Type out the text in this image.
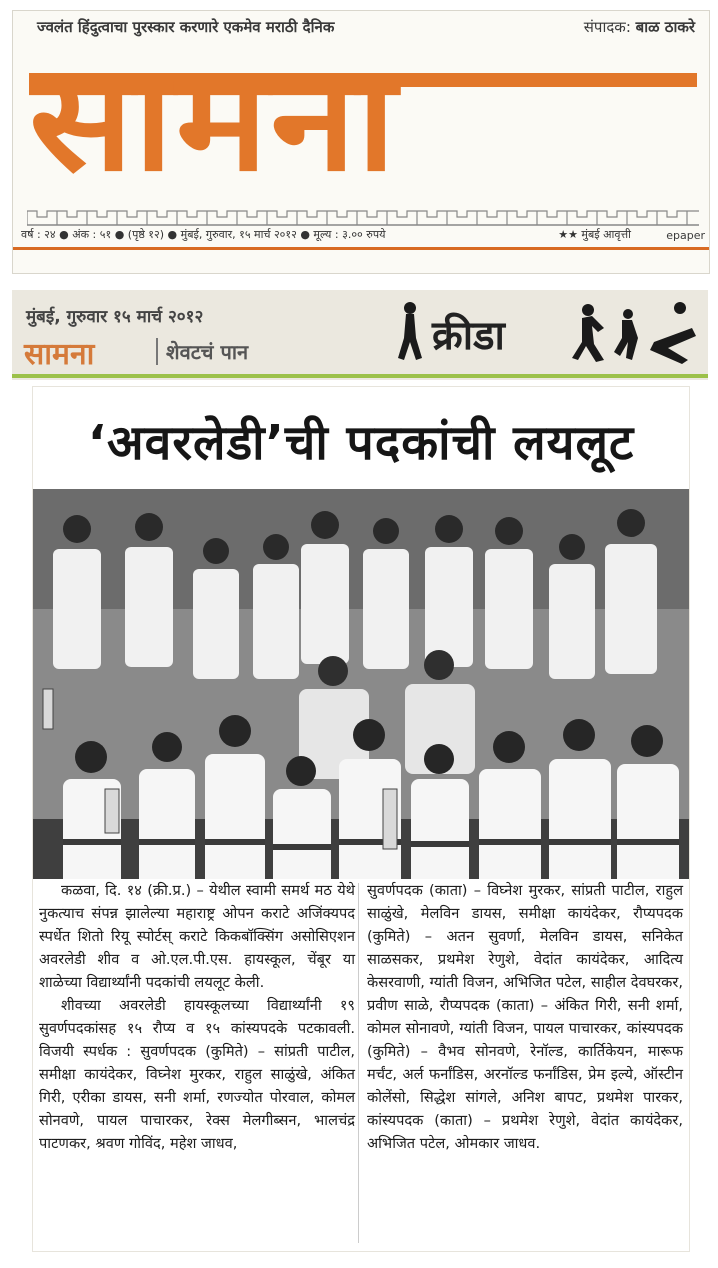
ज्वलंत हिंदुत्वाचा पुरस्कार करणारे एकमेव मराठी दैनिक	संपादक: बाळ ठाकरे
सामना
वर्ष : २४ ● अंक : ५१ ● (पृष्ठे १२) ● मुंबई, गुरुवार, १५ मार्च २०१२ ● मूल्य : ३.०० रुपये	★★ मुंबई आवृत्ती	epaper
मुंबई, गुरुवार १५ मार्च २०१२
सामना	शेवटचं पान	क्रीडा
‘अवरलेडी’ची पदकांची लयलूट

कळवा, दि. १४ (क्री.प्र.) – येथील स्वामी समर्थ मठ येथे नुकत्याच संपन्न झालेल्या महाराष्ट्र ओपन कराटे अजिंक्यपद स्पर्धेत शितो रियू स्पोर्टस् कराटे किकबॉक्सिंग असोसिएशन अवरलेडी शीव व ओ.एल.पी.एस. हायस्कूल, चेंबूर या शाळेच्या विद्यार्थ्यांनी पदकांची लयलूट केली.

शीवच्या अवरलेडी हायस्कूलच्या विद्यार्थ्यांनी १९ सुवर्णपदकांसह १५ रौप्य व १५ कांस्यपदके पटकावली. विजयी स्पर्धक : सुवर्णपदक (कुमिते) – सांप्रती पाटील, समीक्षा कायंदेकर, विघ्नेश मुरकर, राहुल साळुंखे, अंकित गिरी, एरीका डायस, सनी शर्मा, रणज्योत पोरवाल, कोमल सोनवणे, पायल पाचारकर, रेक्स मेलगीब्सन, भालचंद्र पाटणकर, श्रवण गोविंद, महेश जाधव,

सुवर्णपदक (काता) – विघ्नेश मुरकर, सांप्रती पाटील, राहुल साळुंखे, मेलविन डायस, समीक्षा कायंदेकर, रौप्यपदक (कुमिते) – अतन सुवर्णा, मेलविन डायस, सनिकेत साळसकर, प्रथमेश रेणुशे, वेदांत कायंदेकर, आदित्य केसरवाणी, ग्यांती विजन, अभिजित पटेल, साहील देवघरकर, प्रवीण साळे, रौप्यपदक (काता) – अंकित गिरी, सनी शर्मा, कोमल सोनावणे, ग्यांती विजन, पायल पाचारकर, कांस्यपदक (कुमिते) – वैभव सोनवणे, रेनॉल्ड, कार्तिकेयन, मारूफ मर्चंट, अर्ल फर्नांडिस, अरनॉल्ड फर्नांडिस, प्रेम इल्ये, ऑस्टीन कोलेंसो, सिद्धेश सांगले, अनिश बापट, प्रथमेश पारकर, कांस्यपदक (काता) – प्रथमेश रेणुशे, वेदांत कायंदेकर, अभिजित पटेल, ओमकार जाधव.
